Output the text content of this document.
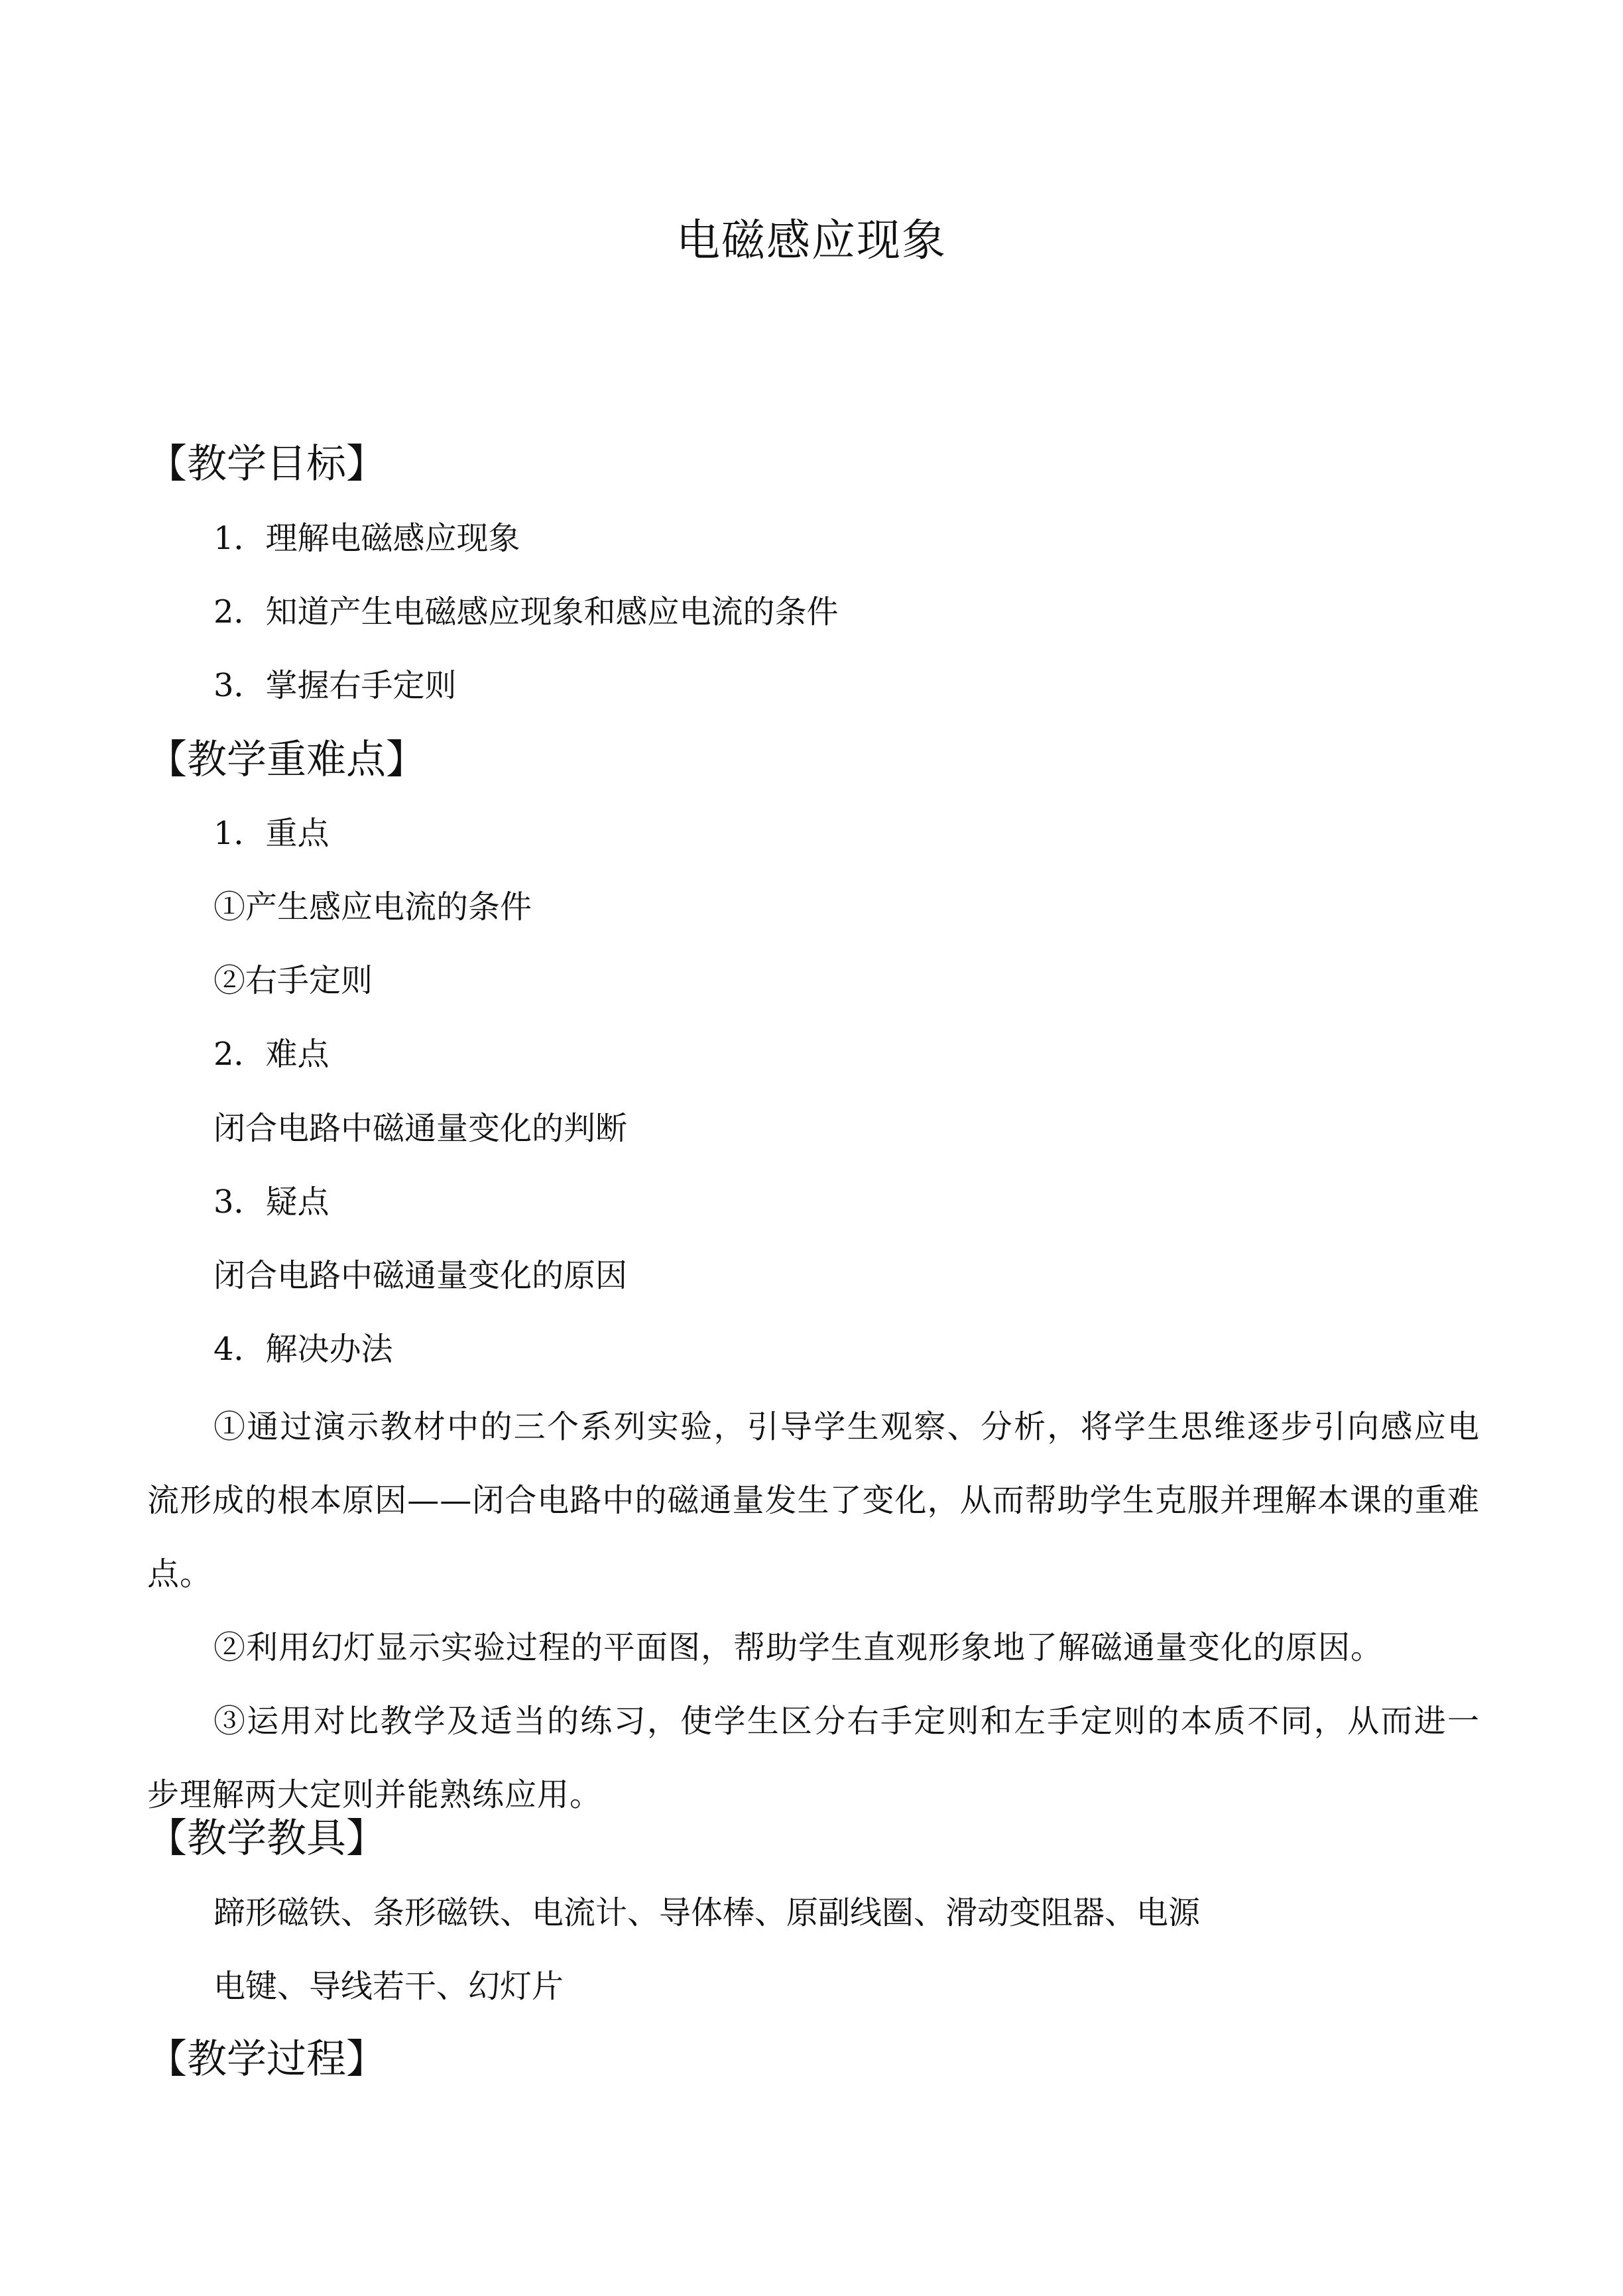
电磁感应现象
【教学目标】
1．理解电磁感应现象
2．知道产生电磁感应现象和感应电流的条件
3．掌握右手定则
【教学重难点】
1．重点
①产生感应电流的条件
②右手定则
2．难点
闭合电路中磁通量变化的判断
3．疑点
闭合电路中磁通量变化的原因
4．解决办法
①通过演示教材中的三个系列实验，引导学生观察、分析，将学生思维逐步引向感应电流形成的根本原因——闭合电路中的磁通量发生了变化，从而帮助学生克服并理解本课的重难点。
②利用幻灯显示实验过程的平面图，帮助学生直观形象地了解磁通量变化的原因。
③运用对比教学及适当的练习，使学生区分右手定则和左手定则的本质不同，从而进一步理解两大定则并能熟练应用。
【教学教具】
蹄形磁铁、条形磁铁、电流计、导体棒、原副线圈、滑动变阻器、电源
电键、导线若干、幻灯片
【教学过程】
